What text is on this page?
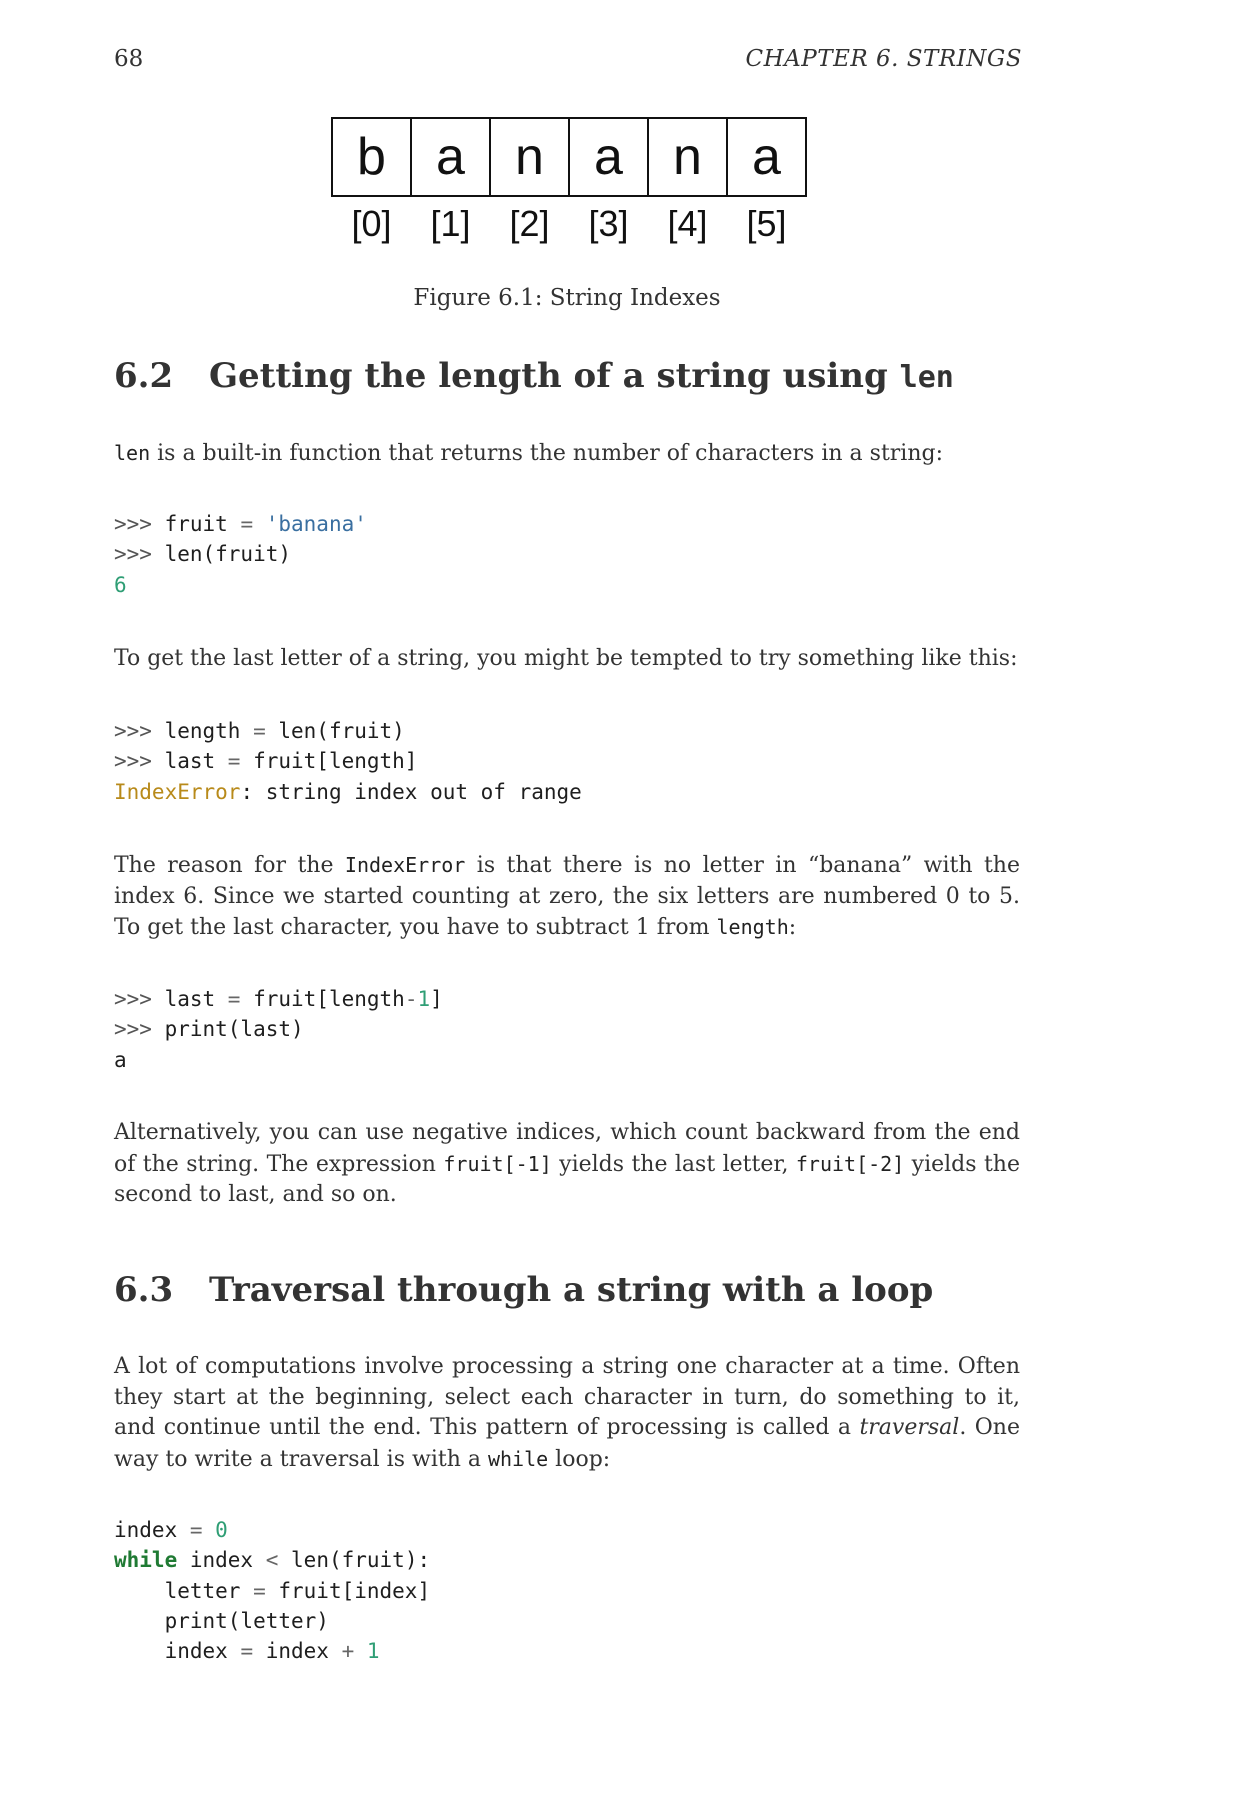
68	CHAPTER 6. STRINGS
b a n a n a
[0]	[1]	[2]	[3]	[4]	[5]
Figure 6.1: String Indexes
6.2 Getting the length of a string using len
len is a built-in function that returns the number of characters in a string:
>>> fruit = 'banana'
>>> len(fruit)
6
To get the last letter of a string, you might be tempted to try something like this:
>>> length = len(fruit)
>>> last = fruit[length]
IndexError: string index out of range
The reason for the IndexError is that there is no letter in “banana” with the index 6. Since we started counting at zero, the six letters are numbered 0 to 5. To get the last character, you have to subtract 1 from length:
>>> last = fruit[length-1]
>>> print(last)
a
Alternatively, you can use negative indices, which count backward from the end of the string. The expression fruit[-1] yields the last letter, fruit[-2] yields the second to last, and so on.
6.3 Traversal through a string with a loop
A lot of computations involve processing a string one character at a time. Often they start at the beginning, select each character in turn, do something to it, and continue until the end. This pattern of processing is called a traversal. One way to write a traversal is with a while loop:
index = 0
while index < len(fruit):
letter = fruit[index]
print(letter)
index = index + 1
